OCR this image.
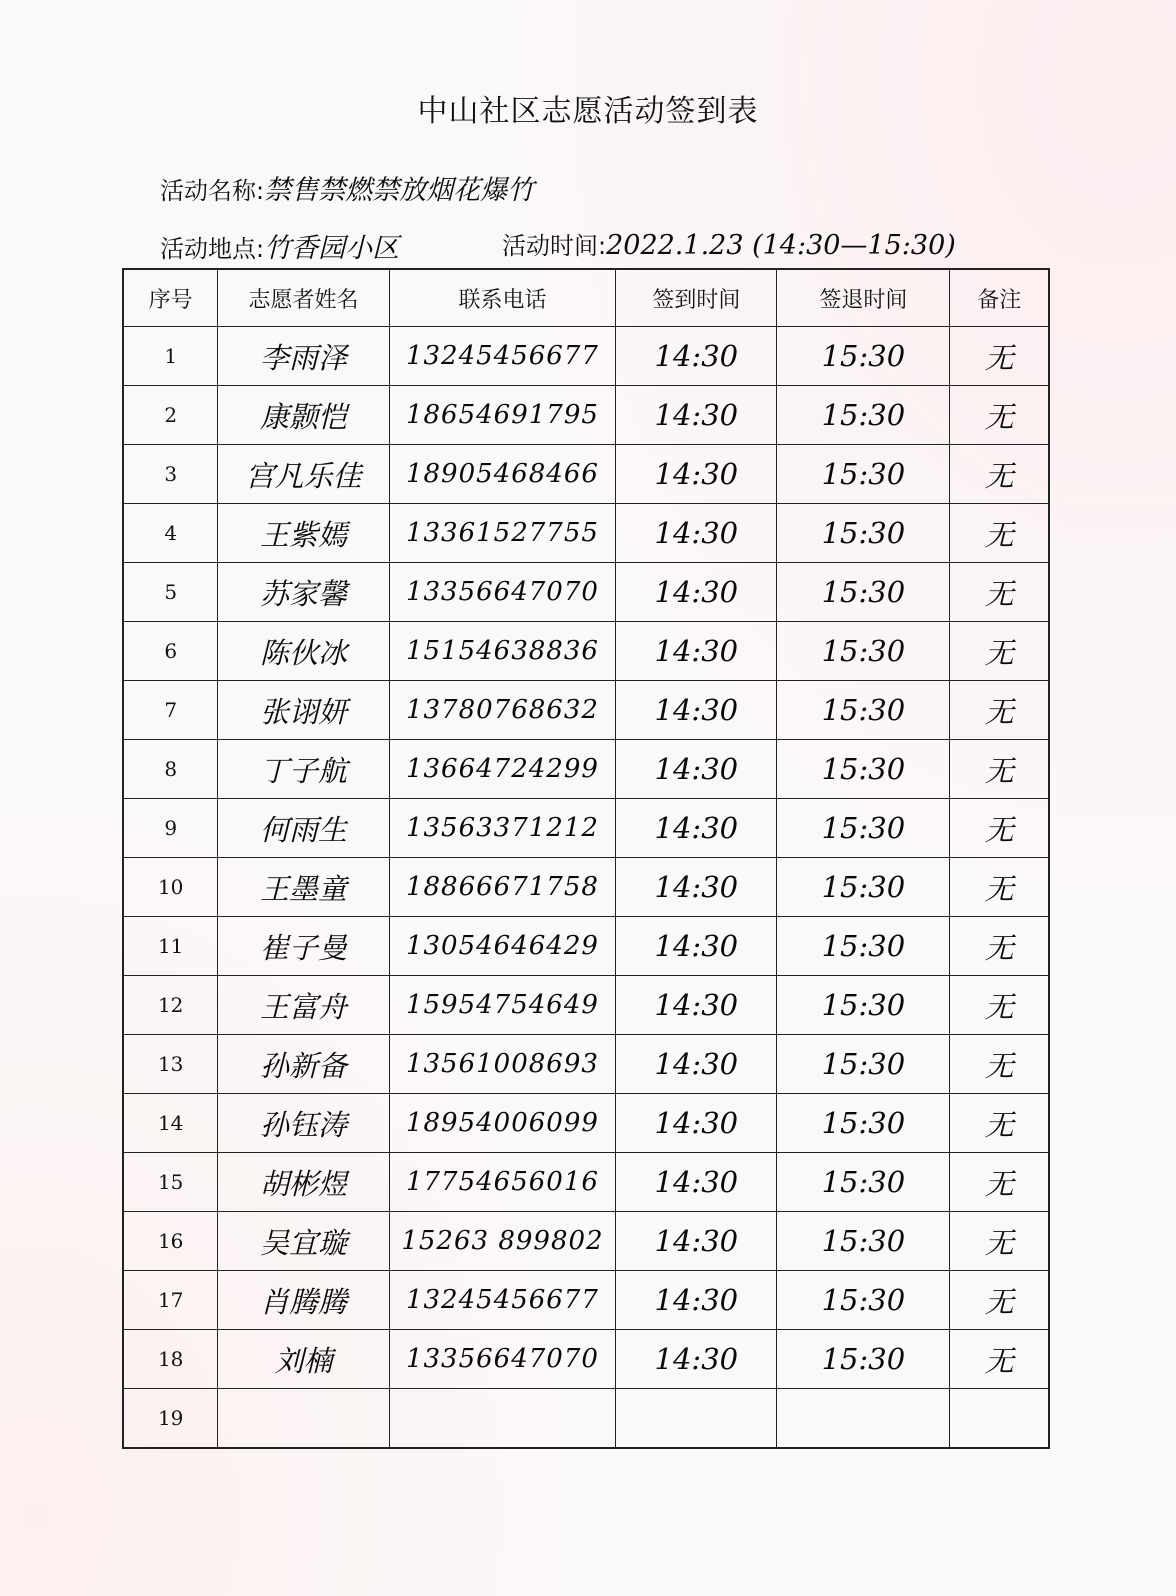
中山社区志愿活动签到表
活动名称:禁售禁燃禁放烟花爆竹
活动地点:竹香园小区	活动时间:2022.1.23 (14:30—15:30)
序号	志愿者姓名	联系电话	签到时间	签退时间	备注
1	李雨泽	13245456677	14:30	15:30	无
2	康颢恺	18654691795	14:30	15:30	无
3	宫凡乐佳	18905468466	14:30	15:30	无
4	王紫嫣	13361527755	14:30	15:30	无
5	苏家馨	13356647070	14:30	15:30	无
6	陈伙冰	15154638836	14:30	15:30	无
7	张诩妍	13780768632	14:30	15:30	无
8	丁子航	13664724299	14:30	15:30	无
9	何雨生	13563371212	14:30	15:30	无
10	王墨童	18866671758	14:30	15:30	无
11	崔子曼	13054646429	14:30	15:30	无
12	王富舟	15954754649	14:30	15:30	无
13	孙新备	13561008693	14:30	15:30	无
14	孙钰涛	18954006099	14:30	15:30	无
15	胡彬煜	17754656016	14:30	15:30	无
16	吴宜璇	15263 899802	14:30	15:30	无
17	肖腾腾	13245456677	14:30	15:30	无
18	刘楠	13356647070	14:30	15:30	无
19					
